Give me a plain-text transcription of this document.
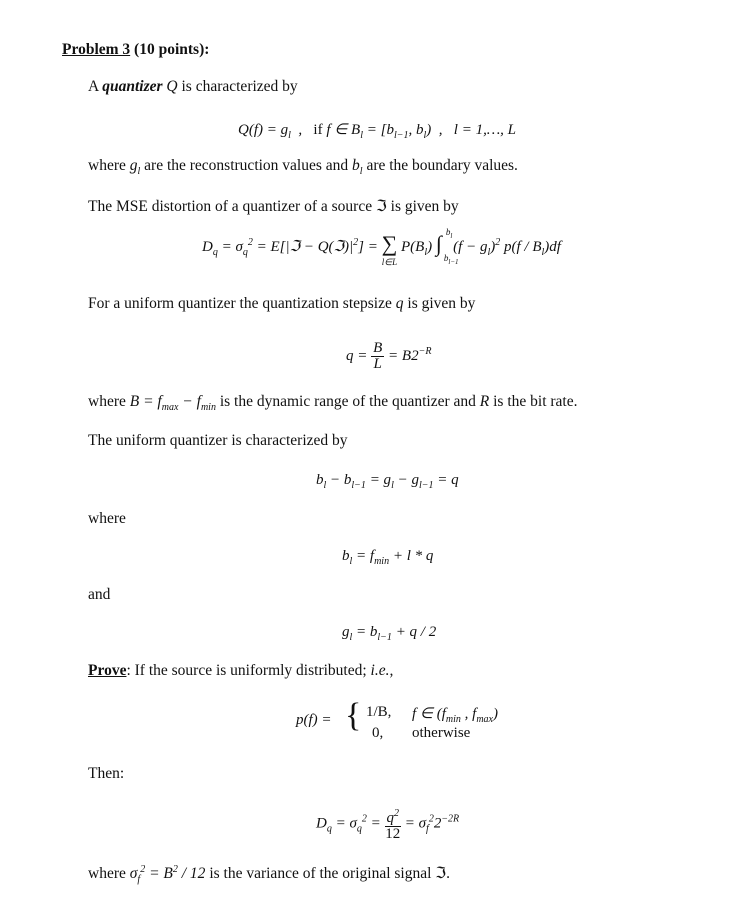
Problem 3 (10 points):
A quantizer Q is characterized by
$Q(f) = g_l$  ,   if f ∈ $B_l = [b_{l-1}$, $b_l$)  ,   l = 1,…, L
where $g_l$ are the reconstruction values and $b_l$ are the boundary values.
The MSE distortion of a quantizer of a source ℑ is given by
$D_q = \sigma_q^2$ = E[|ℑ − $Q(ℑ)|^2$] = ∑
l∈L
$P(B_l)$ ∫ $b_l$
$b_{l-1}$
$(f - g_l)^2$ $p(f / B_l)df$
For a uniform quantizer the quantization stepsize q is given by
$q = \frac{B}{L} = B2^{-R}$
where $B = f_{max} - f_{min}$ is the dynamic range of the quantizer and R is the bit rate.
The uniform quantizer is characterized by
$b_l - b_{l-1} = g_l - g_{l-1} = q$
where
$b_l = f_{min} + l * q$
and
$g_l = b_{l-1} + q / 2$
Prove: If the source is uniformly distributed; i.e.,
p(f) = { 1/B, f ∈ ($f_{min}$ , $f_{max}$)
0, otherwise
Then:
$D_q = \sigma_q^2 = \frac{q^2}{12} = \sigma_f^22^{-2R}$
where $\sigma_f^2 = B^2 / 12$ is the variance of the original signal ℑ.
